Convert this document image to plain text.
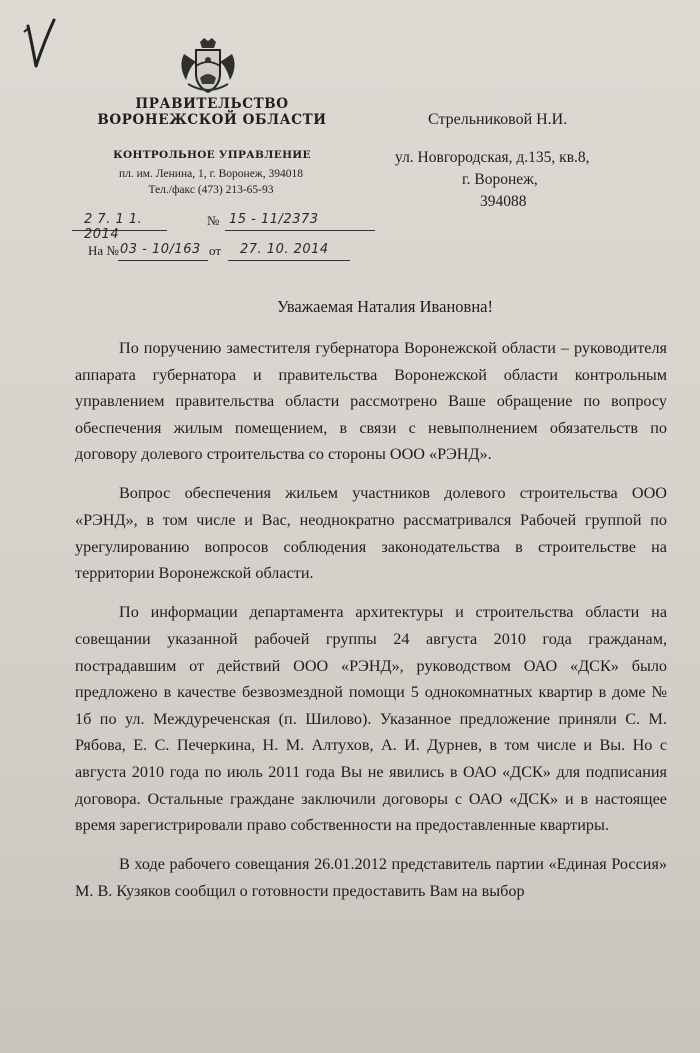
ПРАВИТЕЛЬСТВО
ВОРОНЕЖСКОЙ ОБЛАСТИ
КОНТРОЛЬНОЕ УПРАВЛЕНИЕ
пл. им. Ленина, 1, г. Воронеж, 394018
Тел./факс (473) 213-65-93
Стрельниковой Н.И.
ул. Новгородская, д.135, кв.8,
г. Воронеж,
394088
2 7. 1 1. 2014
№ 15 - 11/2373
На № 03 - 10/163 от 27. 10. 2014
Уважаемая Наталия Ивановна!

По поручению заместителя губернатора Воронежской области – руководителя аппарата губернатора и правительства Воронежской области контрольным управлением правительства области рассмотрено Ваше обращение по вопросу обеспечения жилым помещением, в связи с невыполнением обязательств по договору долевого строительства со стороны ООО «РЭНД».

Вопрос обеспечения жильем участников долевого строительства ООО «РЭНД», в том числе и Вас, неоднократно рассматривался Рабочей группой по урегулированию вопросов соблюдения законодательства в строительстве на территории Воронежской области.

По информации департамента архитектуры и строительства области на совещании указанной рабочей группы 24 августа 2010 года гражданам, пострадавшим от действий ООО «РЭНД», руководством ОАО «ДСК» было предложено в качестве безвозмездной помощи 5 однокомнатных квартир в доме № 1б по ул. Междуреченская (п. Шилово). Указанное предложение приняли С. М. Рябова, Е. С. Печеркина, Н. М. Алтухов, А. И. Дурнев, в том числе и Вы. Но с августа 2010 года по июль 2011 года Вы не явились в ОАО «ДСК» для подписания договора. Остальные граждане заключили договоры с ОАО «ДСК» и в настоящее время зарегистрировали право собственности на предоставленные квартиры.

В ходе рабочего совещания 26.01.2012 представитель партии «Единая Россия» М. В. Кузяков сообщил о готовности предоставить Вам на выбор
